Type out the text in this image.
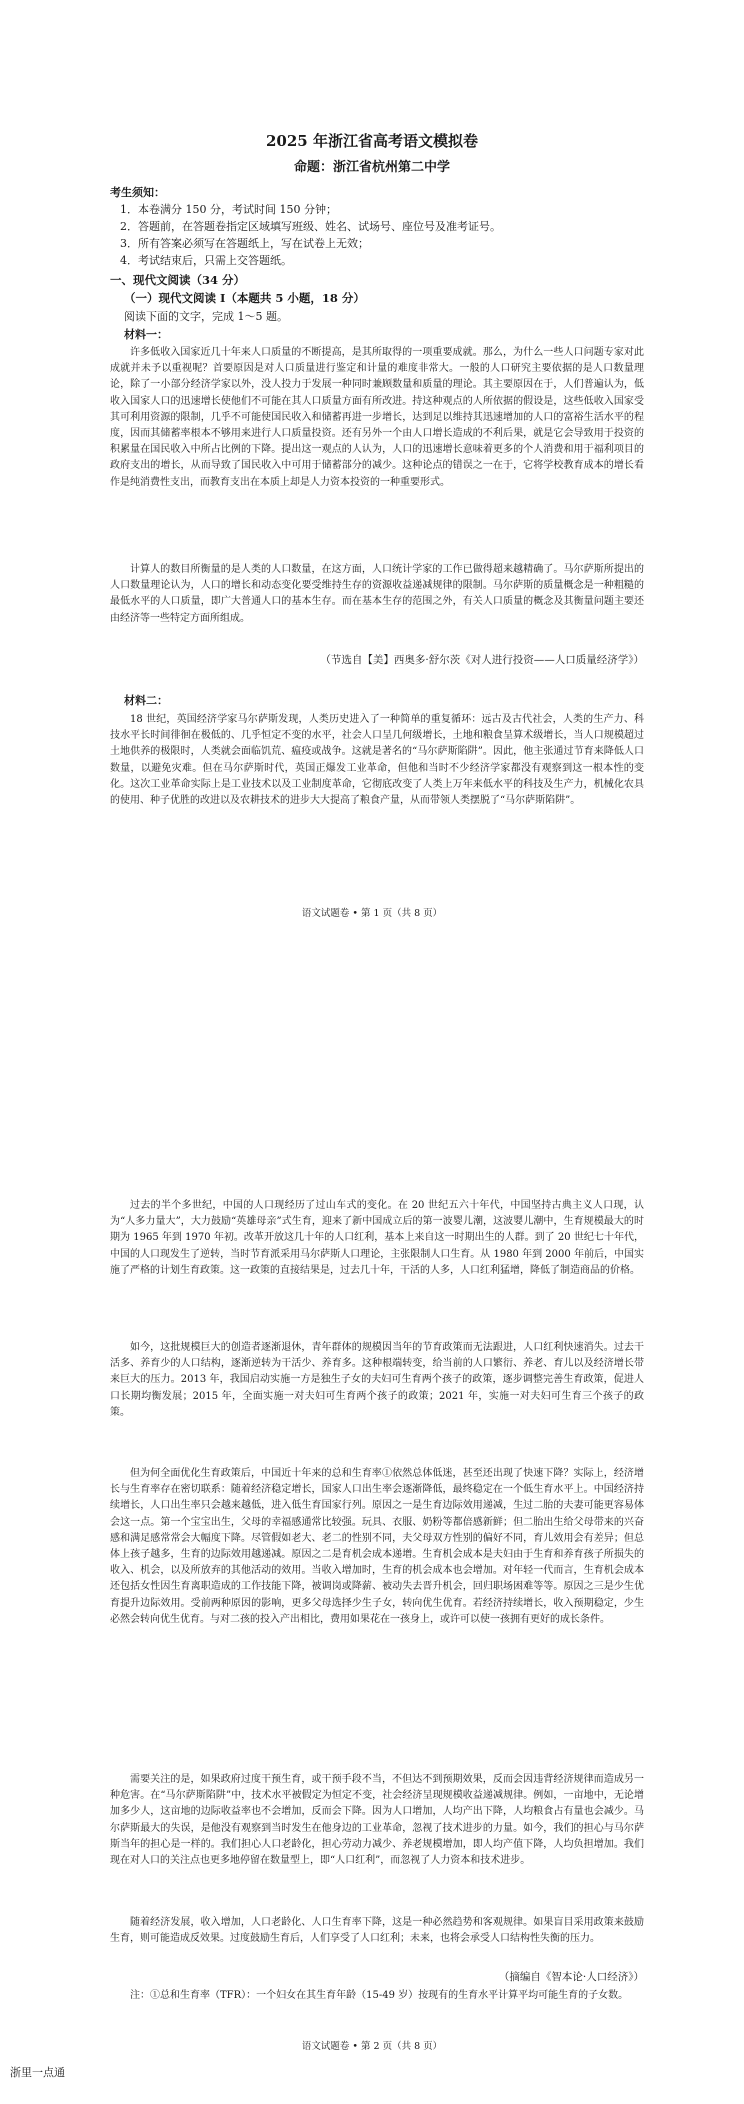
2025 年浙江省高考语文模拟卷
命题：浙江省杭州第二中学
考生须知：
1．本卷满分 150 分，考试时间 150 分钟；
2．答题前，在答题卷指定区域填写班级、姓名、试场号、座位号及准考证号。
3．所有答案必须写在答题纸上，写在试卷上无效；
4．考试结束后，只需上交答题纸。
一、现代文阅读（34 分）
（一）现代文阅读 Ⅰ（本题共 5 小题，18 分）
阅读下面的文字，完成 1～5 题。
材料一：
许多低收入国家近几十年来人口质量的不断提高，是其所取得的一项重要成就。那么，为什么一些人口问题专家对此成就并未予以重视呢？首要原因是对人口质量进行鉴定和计量的难度非常大。一般的人口研究主要依据的是人口数量理论，除了一小部分经济学家以外，没人投力于发展一种同时兼顾数量和质量的理论。其主要原因在于，人们普遍认为，低收入国家人口的迅速增长使他们不可能在其人口质量方面有所改进。持这种观点的人所依据的假设是，这些低收入国家受其可利用资源的限制，几乎不可能使国民收入和储蓄再进一步增长，达到足以维持其迅速增加的人口的富裕生活水平的程度，因而其储蓄率根本不够用来进行人口质量投资。还有另外一个由人口增长造成的不利后果，就是它会导致用于投资的积累量在国民收入中所占比例的下降。提出这一观点的人认为，人口的迅速增长意味着更多的个人消费和用于福利项目的政府支出的增长，从而导致了国民收入中可用于储蓄部分的减少。这种论点的错误之一在于，它将学校教育成本的增长看作是纯消费性支出，而教育支出在本质上却是人力资本投资的一种重要形式。
计算人的数目所衡量的是人类的人口数量，在这方面，人口统计学家的工作已做得超来越精确了。马尔萨斯所提出的人口数量理论认为，人口的增长和动态变化要受维持生存的资源收益递减规律的限制。马尔萨斯的质量概念是一种粗糙的最低水平的人口质量，即广大普通人口的基本生存。而在基本生存的范围之外，有关人口质量的概念及其衡量问题主要还由经济等一些特定方面所组成。
（节选自【美】西奥多·舒尔茨《对人进行投资——人口质量经济学》）
材料二：
18 世纪，英国经济学家马尔萨斯发现，人类历史进入了一种简单的重复循环：远古及古代社会，人类的生产力、科技水平长时间徘徊在极低的、几乎恒定不变的水平，社会人口呈几何级增长，土地和粮食呈算术级增长，当人口规模超过土地供养的极限时，人类就会面临饥荒、瘟疫或战争。这就是著名的“马尔萨斯陷阱”。因此，他主张通过节育来降低人口数量，以避免灾难。但在马尔萨斯时代，英国正爆发工业革命，但他和当时不少经济学家都没有观察到这一根本性的变化。这次工业革命实际上是工业技术以及工业制度革命，它彻底改变了人类上万年来低水平的科技及生产力，机械化农具的使用、种子优胜的改进以及农耕技术的进步大大提高了粮食产量，从而带领人类摆脱了“马尔萨斯陷阱”。
语文试题卷 • 第 1 页（共 8 页）
过去的半个多世纪，中国的人口现经历了过山车式的变化。在 20 世纪五六十年代，中国坚持古典主义人口现，认为“人多力量大”，大力鼓励“英雄母亲”式生育，迎来了新中国成立后的第一波婴儿潮，这波婴儿潮中，生育规模最大的时期为 1965 年到 1970 年初。改革开放这几十年的人口红利，基本上来自这一时期出生的人群。到了 20 世纪七十年代，中国的人口现发生了逆转，当时节育派采用马尔萨斯人口理论，主张限制人口生育。从 1980 年到 2000 年前后，中国实施了严格的计划生育政策。这一政策的直接结果是，过去几十年，干活的人多，人口红利猛增，降低了制造商品的价格。
如今，这批规模巨大的创造者逐渐退休，青年群体的规模因当年的节育政策而无法跟进，人口红利快速消失。过去干活多、养育少的人口结构，逐渐逆转为干活少、养育多。这种根端转变，给当前的人口繁衍、养老、育儿以及经济增长带来巨大的压力。2013 年，我国启动实施一方是独生子女的夫妇可生育两个孩子的政策，逐步调整完善生育政策，促进人口长期均衡发展；2015 年，全面实施一对夫妇可生育两个孩子的政策；2021 年，实施一对夫妇可生育三个孩子的政策。
但为何全面优化生育政策后，中国近十年来的总和生育率①依然总体低迷，甚至还出现了快速下降？实际上，经济增长与生育率存在密切联系：随着经济稳定增长，国家人口出生率会逐渐降低，最终稳定在一个低生育水平上。中国经济持续增长，人口出生率只会越来越低，进入低生育国家行列。原因之一是生育边际效用递减，生过二胎的夫妻可能更容易体会这一点。第一个宝宝出生，父母的幸福感通常比较强。玩具、衣服、奶粉等都倍感新鲜；但二胎出生给父母带来的兴奋感和满足感常常会大幅度下降。尽管假如老大、老二的性别不同，夫父母双方性别的偏好不同，育儿效用会有差异；但总体上孩子越多，生育的边际效用越递减。原因之二是育机会成本递增。生育机会成本是夫妇由于生育和养育孩子所损失的收入、机会，以及所放弃的其他活动的效用。当收入增加时，生育的机会成本也会增加。对年轻一代而言，生育机会成本还包括女性因生育离职造成的工作技能下降，被调岗或降薪、被动失去晋升机会，回归职场困难等等。原因之三是少生优育提升边际效用。受前两种原因的影响，更多父母选择少生子女，转向优生优育。若经济持续增长，收入预期稳定，少生必然会转向优生优育。与对二孩的投入产出相比，费用如果花在一孩身上，或许可以使一孩拥有更好的成长条件。
需要关注的是，如果政府过度干预生育，或干预手段不当，不但达不到预期效果，反而会因违背经济规律而造成另一种危害。在“马尔萨斯陷阱”中，技术水平被假定为恒定不变，社会经济呈现规模收益递减规律。例如，一亩地中，无论增加多少人，这亩地的边际收益率也不会增加，反而会下降。因为人口增加，人均产出下降，人均粮食占有量也会减少。马尔萨斯最大的失误，是他没有观察到当时发生在他身边的工业革命，忽视了技术进步的力量。如今，我们的担心与马尔萨斯当年的担心是一样的。我们担心人口老龄化，担心劳动力减少、养老规模增加，即人均产值下降，人均负担增加。我们现在对人口的关注点也更多地停留在数量型上，即“人口红利”，而忽视了人力资本和技术进步。
随着经济发展，收入增加，人口老龄化、人口生育率下降，这是一种必然趋势和客观规律。如果盲目采用政策来鼓励生育，则可能造成反效果。过度鼓励生育后，人们享受了人口红利；未来，也将会承受人口结构性失衡的压力。
（摘编自《智本论·人口经济》）
注：①总和生育率（TFR）：一个妇女在其生育年龄（15-49 岁）按现有的生育水平计算平均可能生育的子女数。
语文试题卷 • 第 2 页（共 8 页）
浙里一点通
